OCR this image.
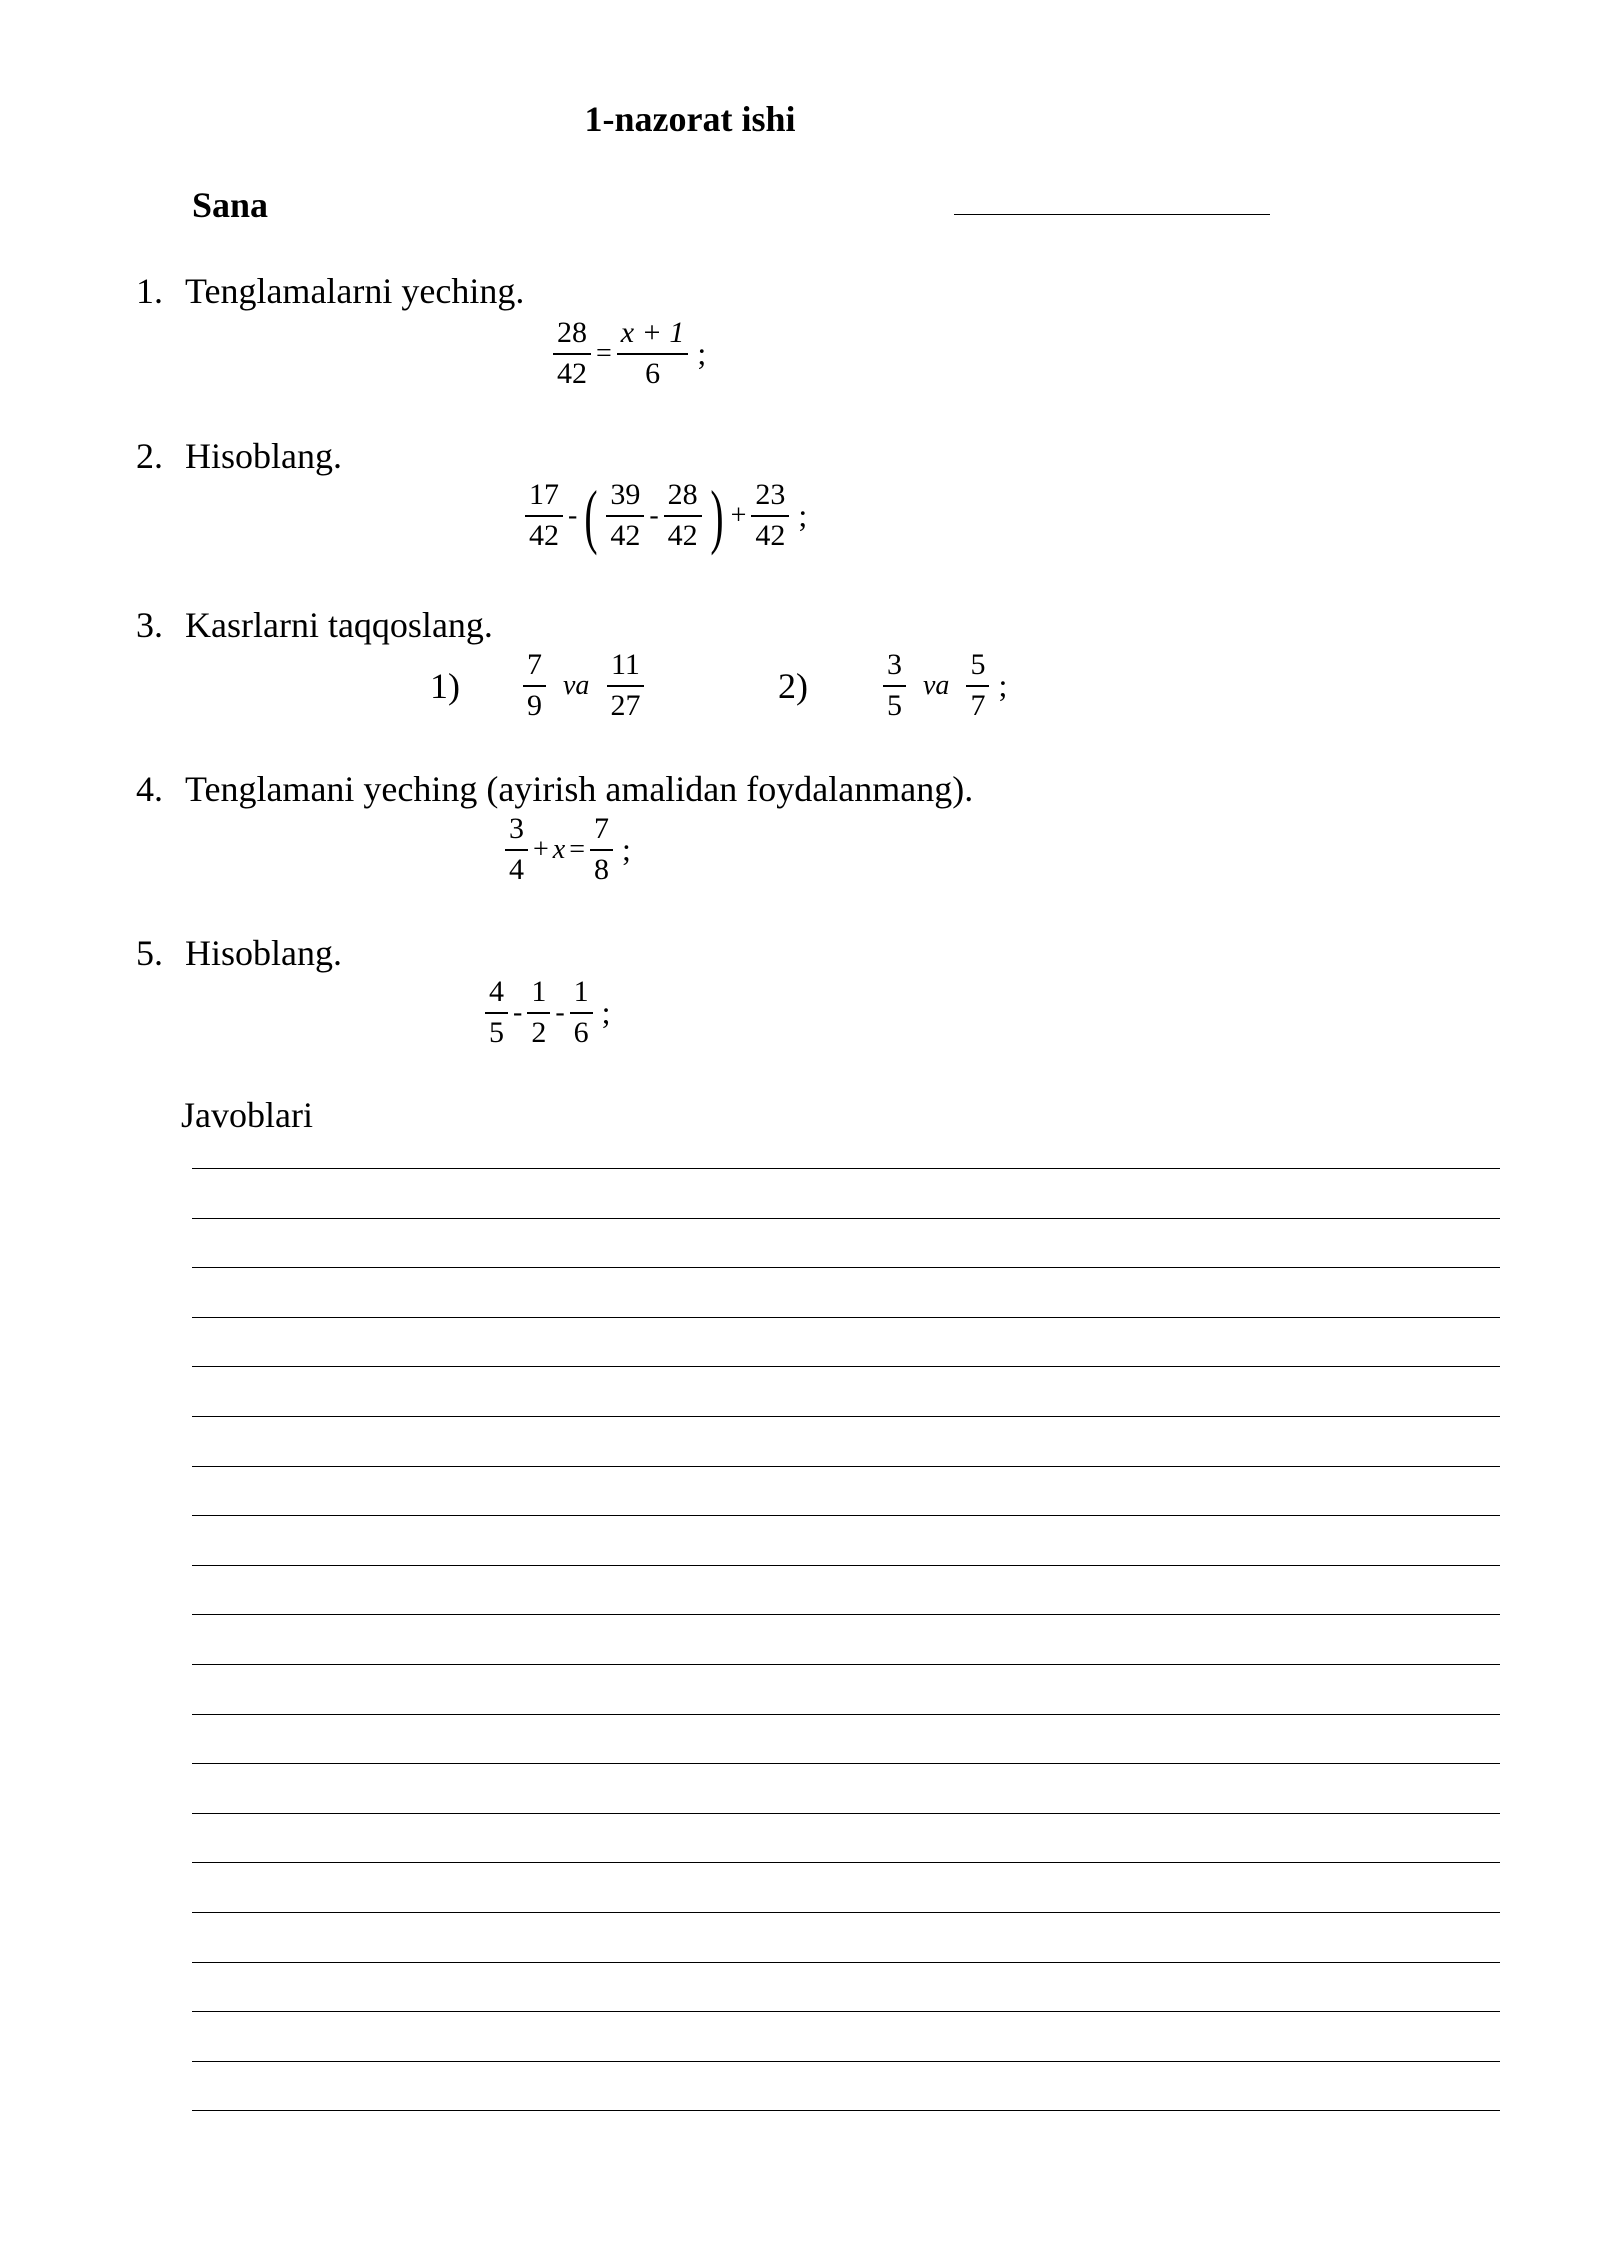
1-nazorat ishi
Sana
1. Tenglamalarni yeching.
$\frac{28}{42} = \frac{x + 1}{6}$ ;
2. Hisoblang.
$\frac{17}{42}$ - ( $\frac{39}{42} - \frac{28}{42}$ ) + $\frac{23}{42}$ ;
3. Kasrlarni taqqoslang.
$1) \frac{7}{9}$ va $\frac{11}{27}$	2)	$\frac{3}{5}$ va $\frac{5}{7}$ ;
4. Tenglamani yeching (ayirish amalidan foydalanmang).
$\frac{3}{4} + x = \frac{7}{8}$ ;
5. Hisoblang.
$\frac{4}{5} - \frac{1}{2} - \frac{1}{6}$ ;
Javoblari
